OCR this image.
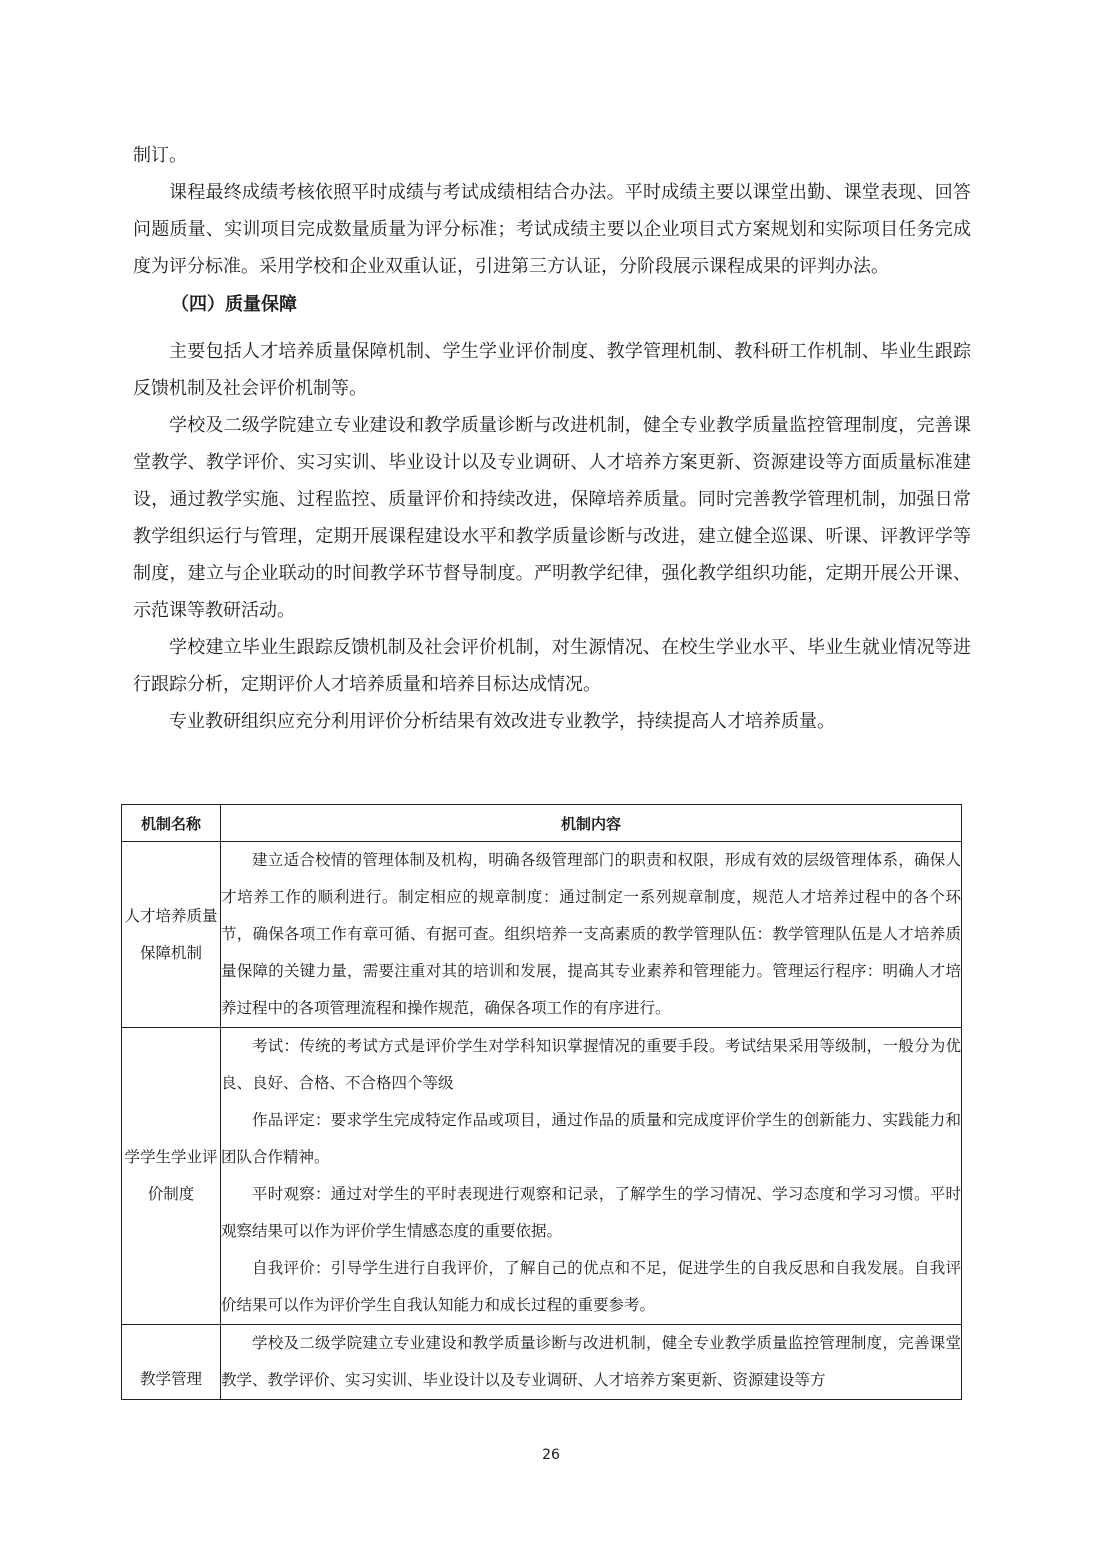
制订。

课程最终成绩考核依照平时成绩与考试成绩相结合办法。平时成绩主要以课堂出勤、课堂表现、回答问题质量、实训项目完成数量质量为评分标准；考试成绩主要以企业项目式方案规划和实际项目任务完成度为评分标准。采用学校和企业双重认证，引进第三方认证，分阶段展示课程成果的评判办法。

（四）质量保障

主要包括人才培养质量保障机制、学生学业评价制度、教学管理机制、教科研工作机制、毕业生跟踪反馈机制及社会评价机制等。

学校及二级学院建立专业建设和教学质量诊断与改进机制，健全专业教学质量监控管理制度，完善课堂教学、教学评价、实习实训、毕业设计以及专业调研、人才培养方案更新、资源建设等方面质量标准建设，通过教学实施、过程监控、质量评价和持续改进，保障培养质量。同时完善教学管理机制，加强日常教学组织运行与管理，定期开展课程建设水平和教学质量诊断与改进，建立健全巡课、听课、评教评学等制度，建立与企业联动的时间教学环节督导制度。严明教学纪律，强化教学组织功能，定期开展公开课、示范课等教研活动。

学校建立毕业生跟踪反馈机制及社会评价机制，对生源情况、在校生学业水平、毕业生就业情况等进行跟踪分析，定期评价人才培养质量和培养目标达成情况。

专业教研组织应充分利用评价分析结果有效改进专业教学，持续提高人才培养质量。

机制名称	机制内容
人才培养质量保障机制	建立适合校情的管理体制及机构，明确各级管理部门的职责和权限，形成有效的层级管理体系，确保人才培养工作的顺利进行。制定相应的规章制度：通过制定一系列规章制度，规范人才培养过程中的各个环节，确保各项工作有章可循、有据可查。组织培养一支高素质的教学管理队伍：教学管理队伍是人才培养质量保障的关键力量，需要注重对其的培训和发展，提高其专业素养和管理能力。管理运行程序：明确人才培养过程中的各项管理流程和操作规范，确保各项工作的有序进行。

学学生学业评价制度	考试：传统的考试方式是评价学生对学科知识掌握情况的重要手段。考试结果采用等级制，一般分为优良、良好、合格、不合格四个等级

作品评定：要求学生完成特定作品或项目，通过作品的质量和完成度评价学生的创新能力、实践能力和团队合作精神。

平时观察：通过对学生的平时表现进行观察和记录，了解学生的学习情况、学习态度和学习习惯。平时观察结果可以作为评价学生情感态度的重要依据。

自我评价：引导学生进行自我评价，了解自己的优点和不足，促进学生的自我反思和自我发展。自我评价结果可以作为评价学生自我认知能力和成长过程的重要参考。

教学管理	学校及二级学院建立专业建设和教学质量诊断与改进机制，健全专业教学质量监控管理制度，完善课堂教学、教学评价、实习实训、毕业设计以及专业调研、人才培养方案更新、资源建设等方

26
